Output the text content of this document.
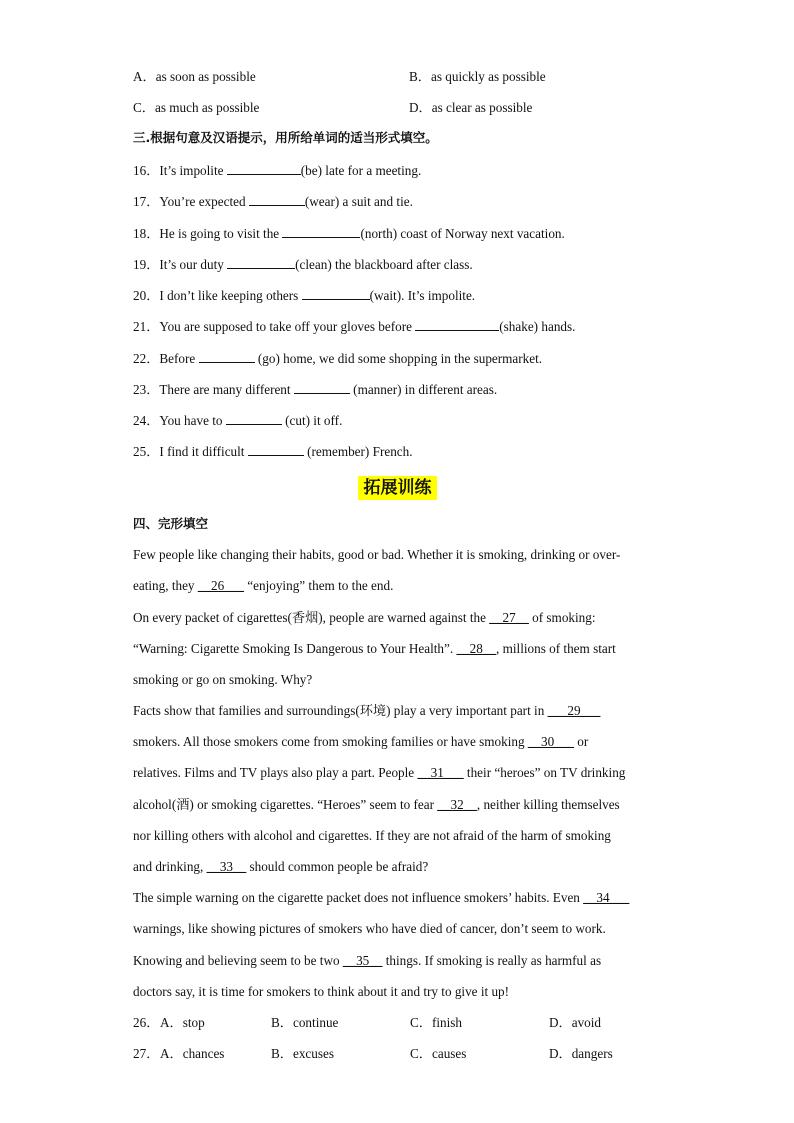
A．as soon as possible	B．as quickly as possible
C．as much as possible	D．as clear as possible
三.根据句意及汉语提示，用所给单词的适当形式填空。
16．It’s impolite	(be) late for a meeting.
17．You’re expected	(wear) a suit and tie.
18．He is going to visit the	(north) coast of Norway next vacation.
19．It’s our duty	(clean) the blackboard after class.
20．I don’t like keeping others	(wait). It’s impolite.
21．You are supposed to take off your gloves before	(shake) hands.
22．Before	(go) home, we did some shopping in the supermarket.
23．There are many different	(manner) in different areas.
24．You have to	(cut) it off.
25．I find it difficult	(remember) French.
拓展训练
四、完形填空
Few people like changing their habits, good or bad. Whether it is smoking, drinking or over-
eating, they __26___ “enjoying” them to the end.
On every packet of cigarettes(香烟), people are warned against the __27__ of smoking:
“Warning: Cigarette Smoking Is Dangerous to Your Health”. __28__, millions of them start
smoking or go on smoking. Why?
Facts show that families and surroundings(环境) play a very important part in ___29___
smokers. All those smokers come from smoking families or have smoking __30___ or
relatives. Films and TV plays also play a part. People __31___ their “heroes” on TV drinking
alcohol(酒) or smoking cigarettes. “Heroes” seem to fear __32__, neither killing themselves
nor killing others with alcohol and cigarettes. If they are not afraid of the harm of smoking
and drinking, __33__ should common people be afraid?
The simple warning on the cigarette packet does not influence smokers’ habits. Even __34___
warnings, like showing pictures of smokers who have died of cancer, don’t seem to work.
Knowing and believing seem to be two __35__ things. If smoking is really as harmful as
doctors say, it is time for smokers to think about it and try to give it up!
26． A．stop	B．continue	C．finish	D．avoid
27． A．chances	B．excuses	C．causes	D．dangers
